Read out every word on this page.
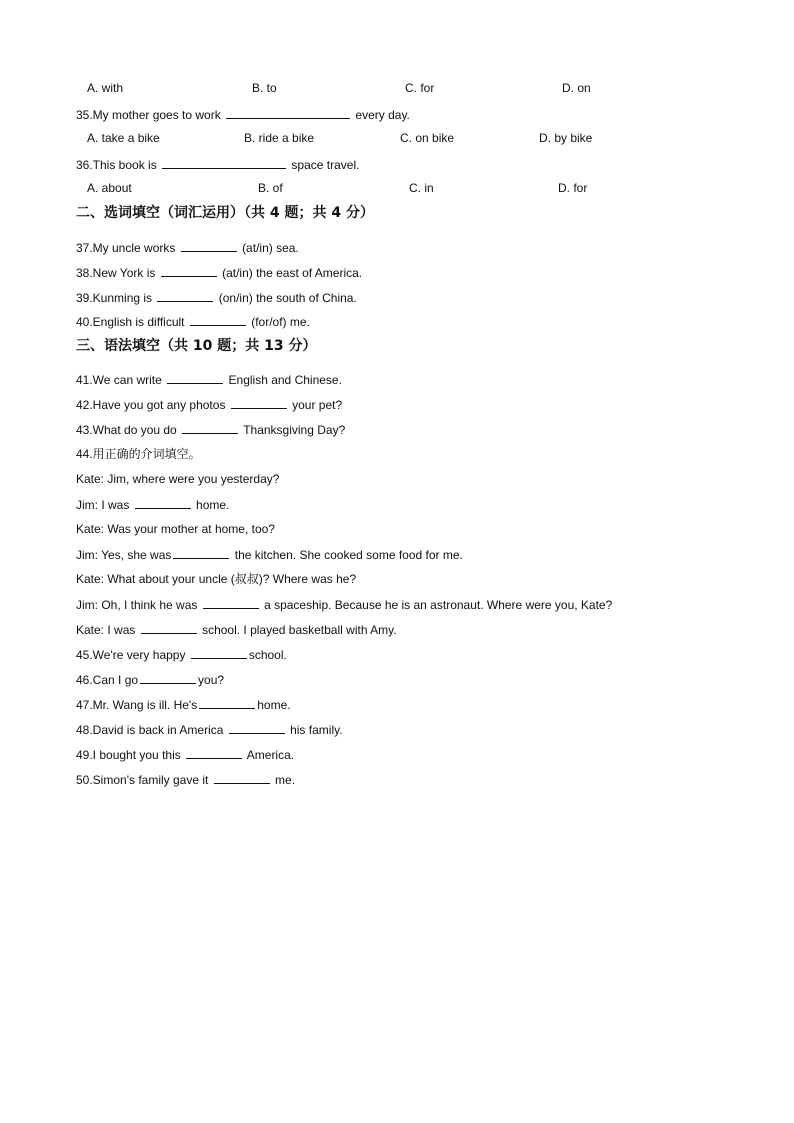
A. with	B. to	C. for	D. on
35.My mother goes to work	every day.
A. take a bike	B. ride a bike	C. on bike	D. by bike
36.This book is	space travel.
A. about	B. of	C. in	D. for
二、选词填空（词汇运用）（共 4 题；共 4 分）
37.My uncle works	(at/in) sea.
38.New York is	(at/in) the east of America.
39.Kunming is	(on/in) the south of China.
40.English is difficult	(for/of) me.
三、语法填空（共 10 题；共 13 分）
41.We can write	English and Chinese.
42.Have you got any photos	your pet?
43.What do you do	Thanksgiving Day?
44.用正确的介词填空。
Kate: Jim, where were you yesterday?
Jim: I was	home.
Kate: Was your mother at home, too?
Jim: Yes, she was	the kitchen. She cooked some food for me.
Kate: What about your uncle (叔叔)? Where was he?
Jim: Oh, I think he was	a spaceship. Because he is an astronaut. Where were you, Kate?
Kate: I was	school. I played basketball with Amy.
45.We're very happy	school.
46.Can I go	you?
47.Mr. Wang is ill. He's	home.
48.David is back in America	his family.
49.I bought you this	America.
50.Simon's family gave it	me.
